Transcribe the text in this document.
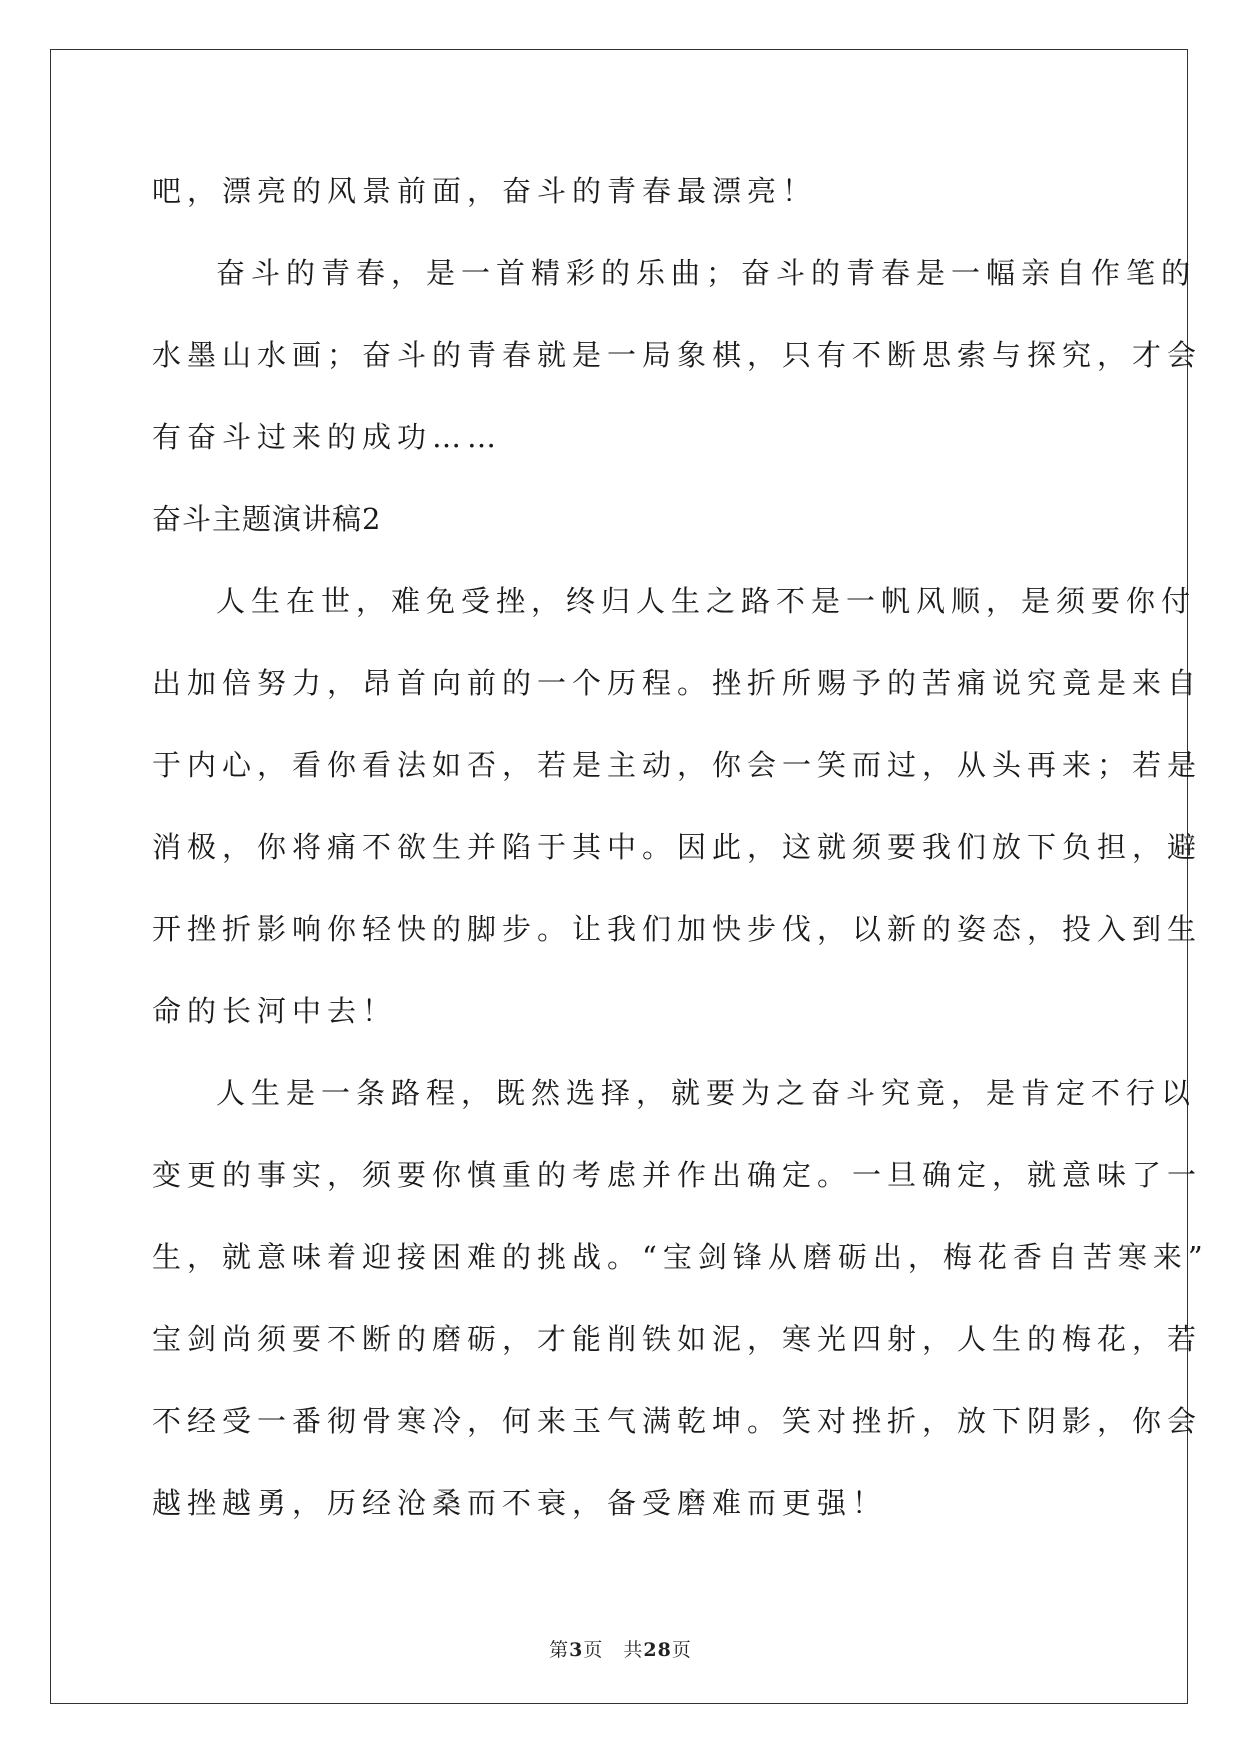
吧，漂亮的风景前面，奋斗的青春最漂亮！
奋斗的青春，是一首精彩的乐曲；奋斗的青春是一幅亲自作笔的
水墨山水画；奋斗的青春就是一局象棋，只有不断思索与探究，才会
有奋斗过来的成功……
奋斗主题演讲稿2
人生在世，难免受挫，终归人生之路不是一帆风顺，是须要你付
出加倍努力，昂首向前的一个历程。挫折所赐予的苦痛说究竟是来自
于内心，看你看法如否，若是主动，你会一笑而过，从头再来；若是
消极，你将痛不欲生并陷于其中。因此，这就须要我们放下负担，避
开挫折影响你轻快的脚步。让我们加快步伐，以新的姿态，投入到生
命的长河中去！
人生是一条路程，既然选择，就要为之奋斗究竟，是肯定不行以
变更的事实，须要你慎重的考虑并作出确定。一旦确定，就意味了一
生，就意味着迎接困难的挑战。“宝剑锋从磨砺出，梅花香自苦寒来”
宝剑尚须要不断的磨砺，才能削铁如泥，寒光四射，人生的梅花，若
不经受一番彻骨寒冷，何来玉气满乾坤。笑对挫折，放下阴影，你会
越挫越勇，历经沧桑而不衰，备受磨难而更强！
第3页 共28页
